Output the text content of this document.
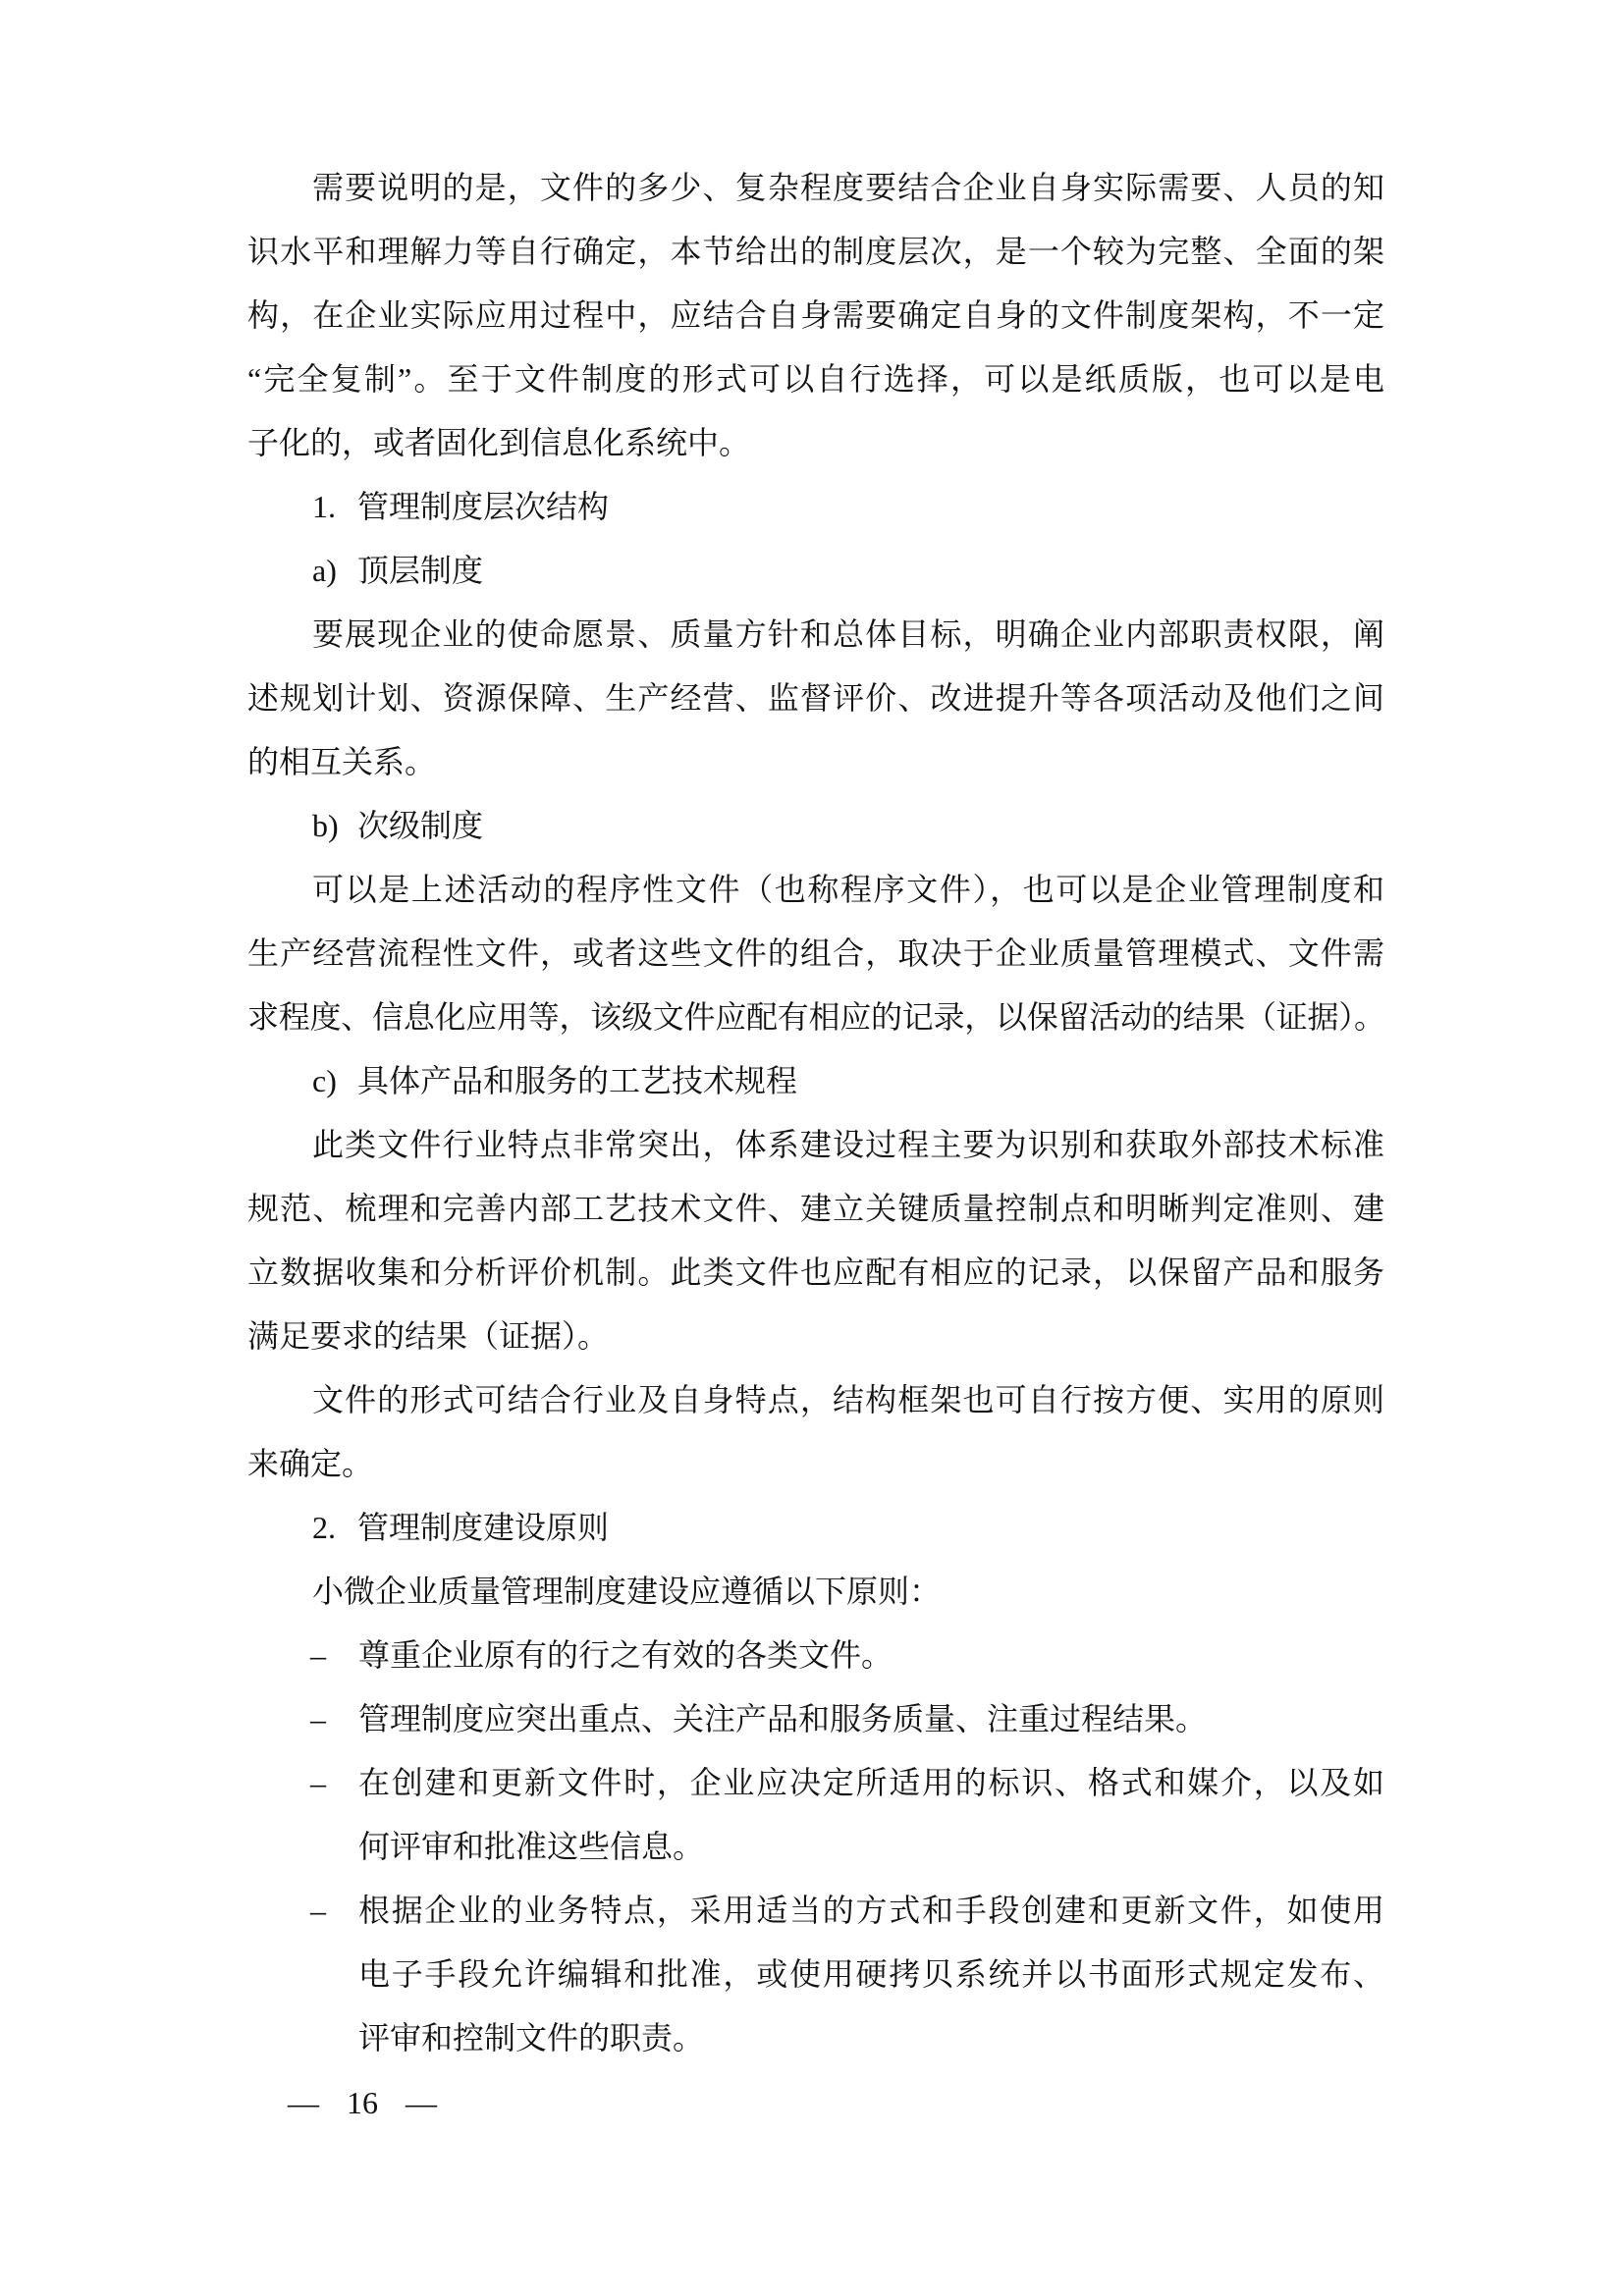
需要说明的是，文件的多少、复杂程度要结合企业自身实际需要、人员的知
识水平和理解力等自行确定，本节给出的制度层次，是一个较为完整、全面的架
构，在企业实际应用过程中，应结合自身需要确定自身的文件制度架构，不一定
“完全复制”。至于文件制度的形式可以自行选择，可以是纸质版，也可以是电
子化的，或者固化到信息化系统中。
1. 管理制度层次结构
a) 顶层制度
要展现企业的使命愿景、质量方针和总体目标，明确企业内部职责权限，阐
述规划计划、资源保障、生产经营、监督评价、改进提升等各项活动及他们之间
的相互关系。
b) 次级制度
可以是上述活动的程序性文件（也称程序文件），也可以是企业管理制度和
生产经营流程性文件，或者这些文件的组合，取决于企业质量管理模式、文件需
求程度、信息化应用等，该级文件应配有相应的记录，以保留活动的结果（证据）。
c) 具体产品和服务的工艺技术规程
此类文件行业特点非常突出，体系建设过程主要为识别和获取外部技术标准
规范、梳理和完善内部工艺技术文件、建立关键质量控制点和明晰判定准则、建
立数据收集和分析评价机制。此类文件也应配有相应的记录，以保留产品和服务
满足要求的结果（证据）。
文件的形式可结合行业及自身特点，结构框架也可自行按方便、实用的原则
来确定。
2. 管理制度建设原则
小微企业质量管理制度建设应遵循以下原则：
– 尊重企业原有的行之有效的各类文件。
– 管理制度应突出重点、关注产品和服务质量、注重过程结果。
– 在创建和更新文件时，企业应决定所适用的标识、格式和媒介，以及如
何评审和批准这些信息。
– 根据企业的业务特点，采用适当的方式和手段创建和更新文件，如使用
电子手段允许编辑和批准，或使用硬拷贝系统并以书面形式规定发布、
评审和控制文件的职责。
— 16 —
